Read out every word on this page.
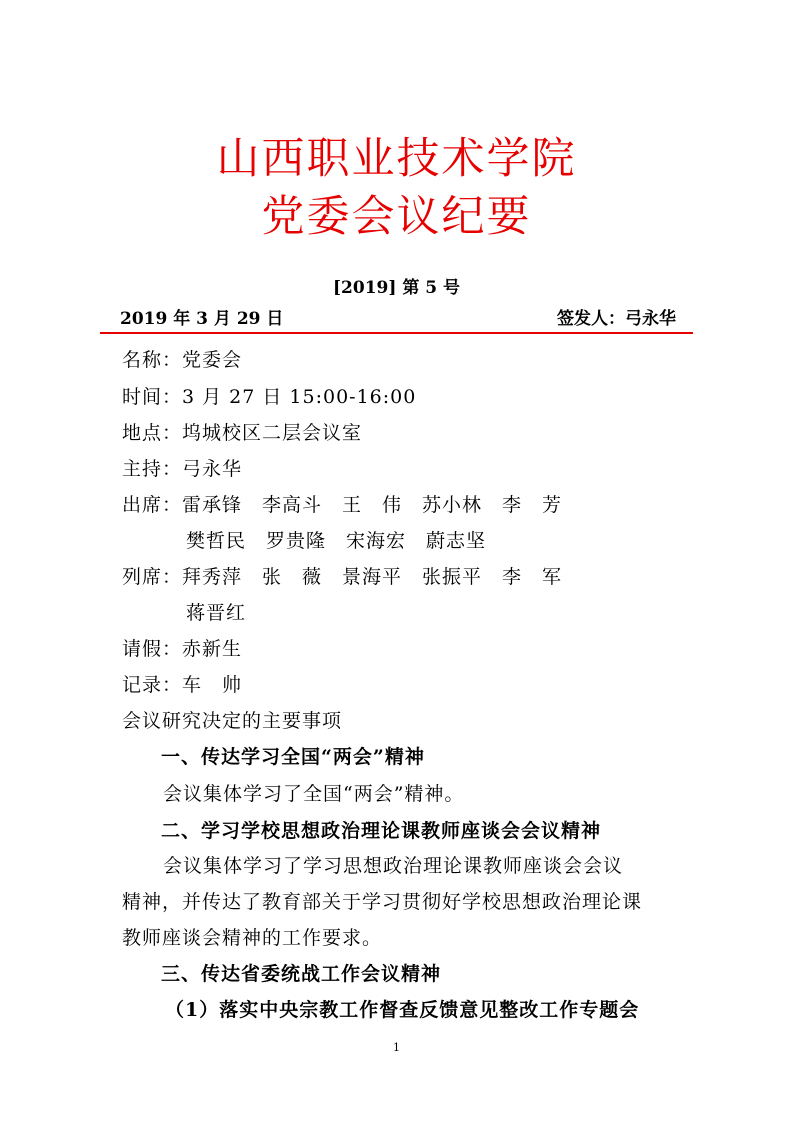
山西职业技术学院
党委会议纪要
[2019] 第 5 号
2019 年 3 月 29 日	签发人：弓永华
名称：党委会
时间：3 月 27 日 15:00-16:00
地点：坞城校区二层会议室
主持：弓永华
出席：雷承锋　李高斗　王　伟　苏小林　李　芳
樊哲民　罗贵隆　宋海宏　蔚志坚
列席：拜秀萍　张　薇　景海平　张振平　李　军
蒋晋红
请假：赤新生
记录：车　帅
会议研究决定的主要事项
一、传达学习全国“两会”精神
会议集体学习了全国“两会”精神。
二、学习学校思想政治理论课教师座谈会会议精神
会议集体学习了学习思想政治理论课教师座谈会会议
精神，并传达了教育部关于学习贯彻好学校思想政治理论课
教师座谈会精神的工作要求。
三、传达省委统战工作会议精神
（1）落实中央宗教工作督查反馈意见整改工作专题会
1
